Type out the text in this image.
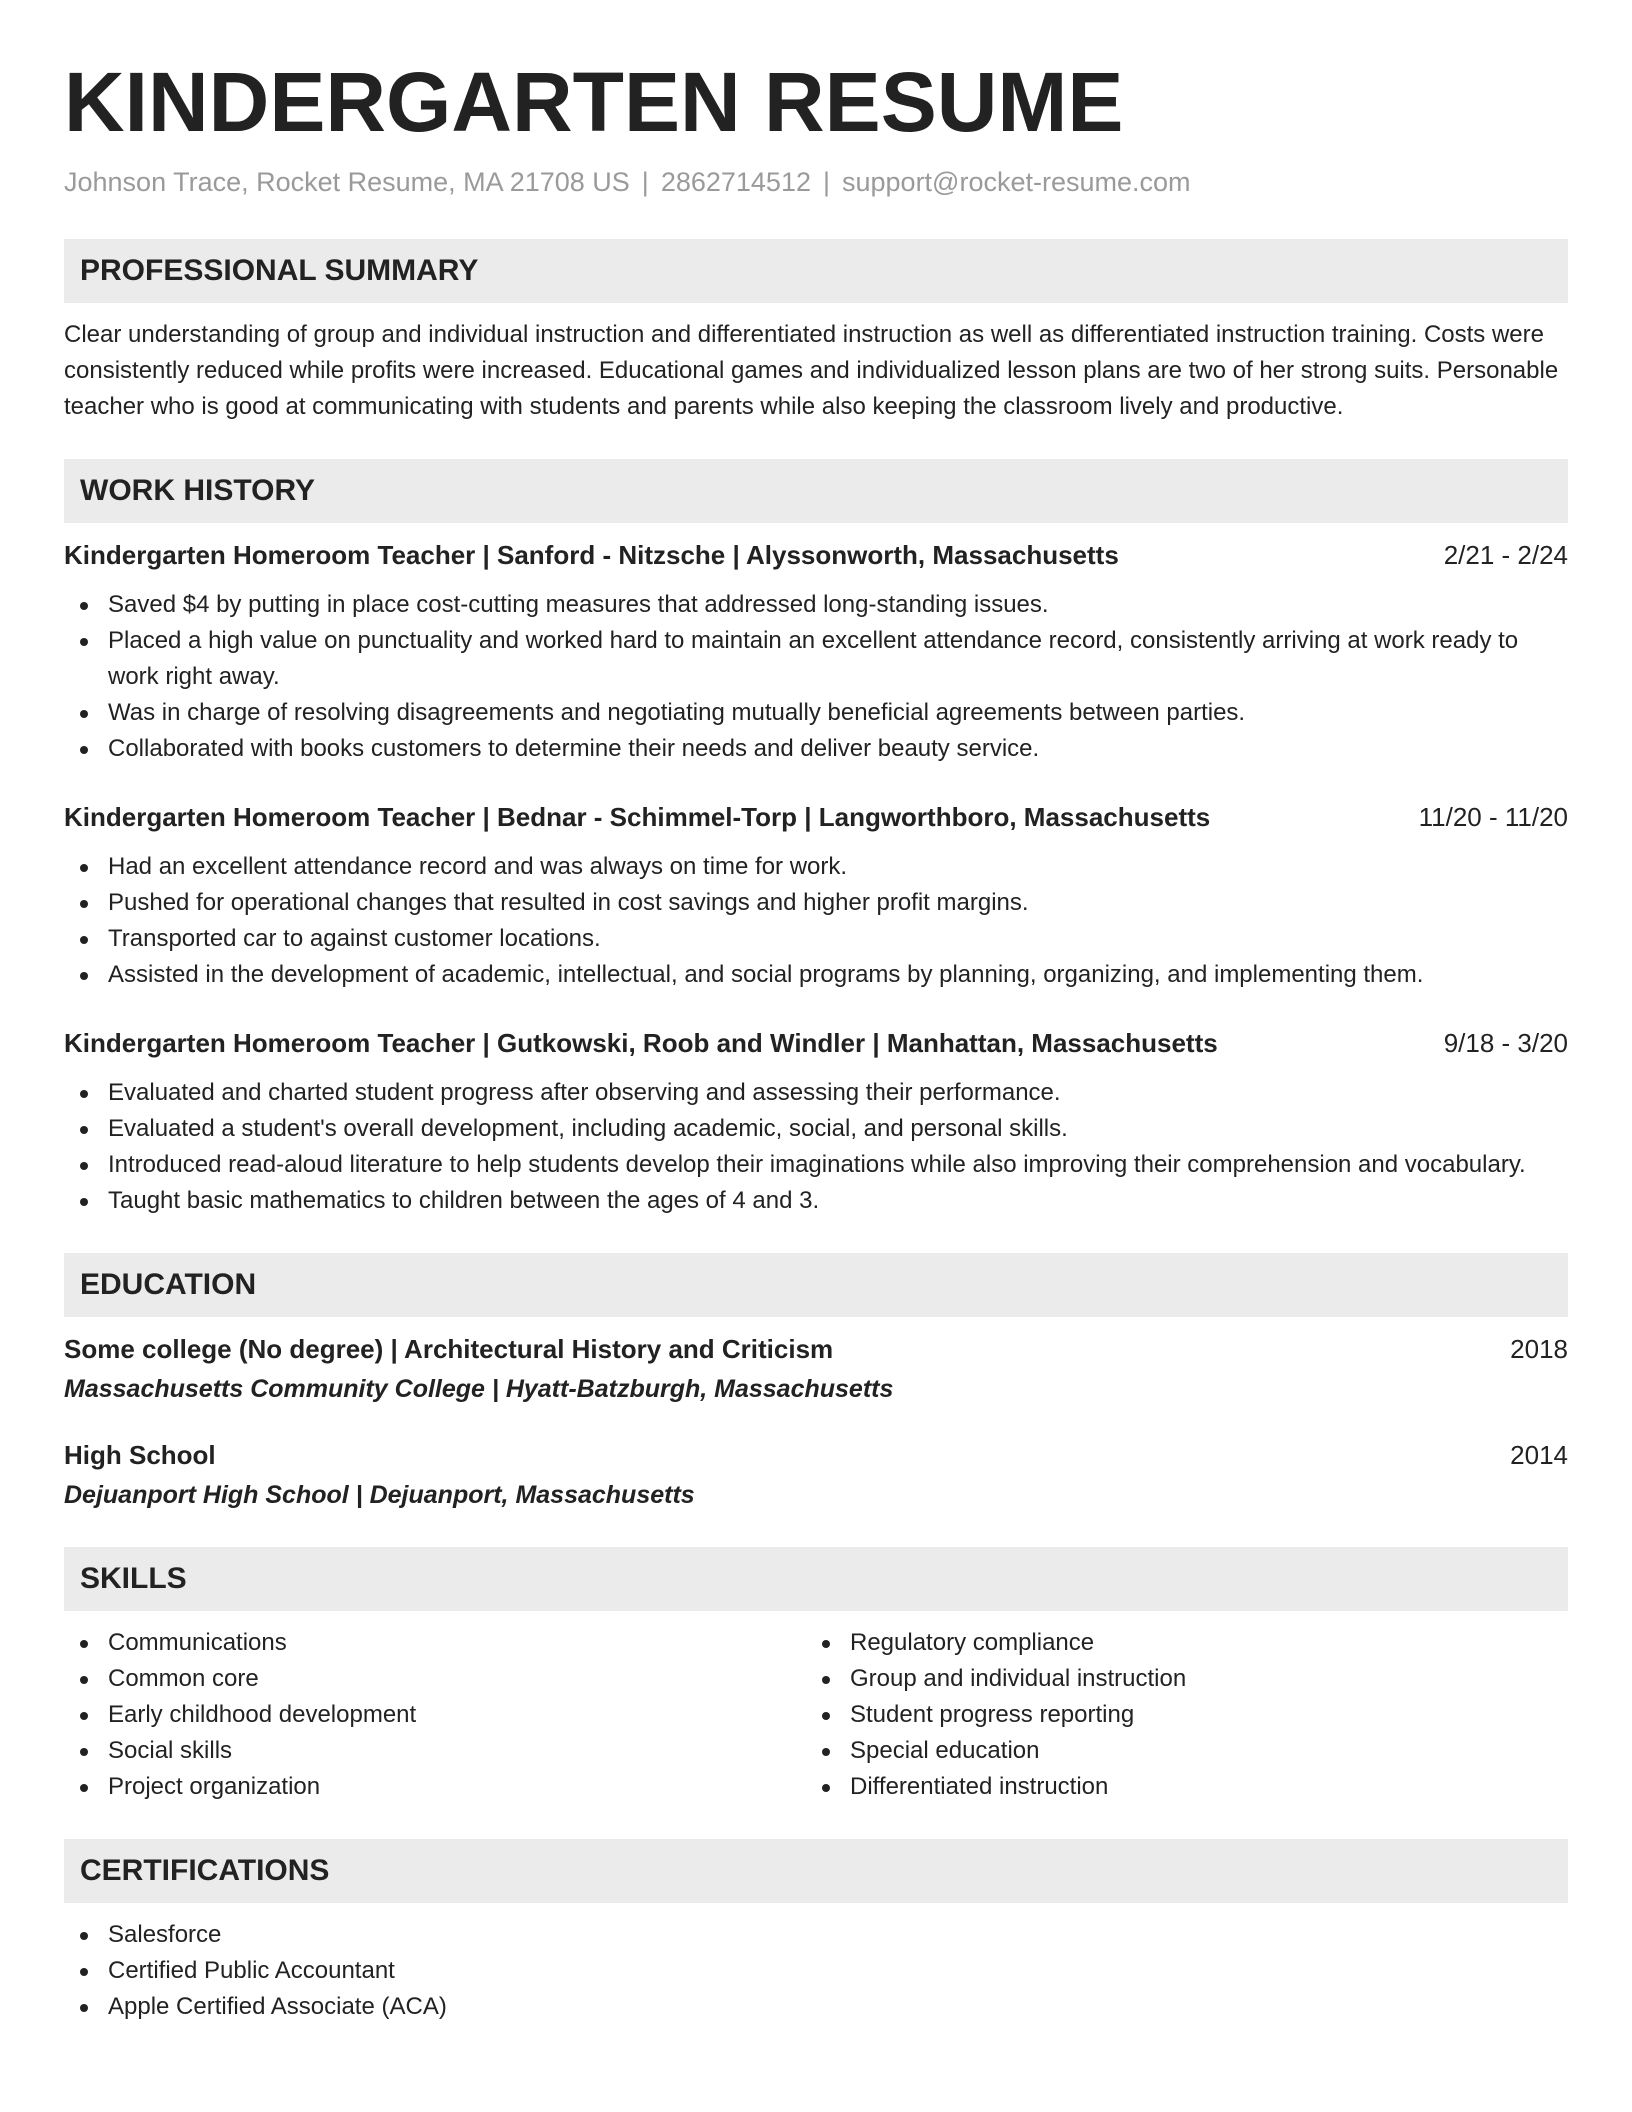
KINDERGARTEN RESUME
Johnson Trace, Rocket Resume, MA 21708 US | 2862714512 | support@rocket-resume.com
PROFESSIONAL SUMMARY

Clear understanding of group and individual instruction and differentiated instruction as well as differentiated instruction training. Costs were consistently reduced while profits were increased. Educational games and individualized lesson plans are two of her strong suits. Personable teacher who is good at communicating with students and parents while also keeping the classroom lively and productive.

WORK HISTORY
Kindergarten Homeroom Teacher | Sanford - Nitzsche | Alyssonworth, Massachusetts	2/21 - 2/24
Saved $4 by putting in place cost-cutting measures that addressed long-standing issues.
Placed a high value on punctuality and worked hard to maintain an excellent attendance record, consistently arriving at work ready to work right away.
Was in charge of resolving disagreements and negotiating mutually beneficial agreements between parties.
Collaborated with books customers to determine their needs and deliver beauty service.
Kindergarten Homeroom Teacher | Bednar - Schimmel-Torp | Langworthboro, Massachusetts	11/20 - 11/20
Had an excellent attendance record and was always on time for work.
Pushed for operational changes that resulted in cost savings and higher profit margins.
Transported car to against customer locations.
Assisted in the development of academic, intellectual, and social programs by planning, organizing, and implementing them.
Kindergarten Homeroom Teacher | Gutkowski, Roob and Windler | Manhattan, Massachusetts	9/18 - 3/20
Evaluated and charted student progress after observing and assessing their performance.
Evaluated a student's overall development, including academic, social, and personal skills.
Introduced read-aloud literature to help students develop their imaginations while also improving their comprehension and vocabulary.
Taught basic mathematics to children between the ages of 4 and 3.
EDUCATION
Some college (No degree) | Architectural History and Criticism	2018
Massachusetts Community College | Hyatt-Batzburgh, Massachusetts
High School	2014
Dejuanport High School | Dejuanport, Massachusetts
SKILLS
Communications
Common core
Early childhood development
Social skills
Project organization
Regulatory compliance
Group and individual instruction
Student progress reporting
Special education
Differentiated instruction
CERTIFICATIONS
Salesforce
Certified Public Accountant
Apple Certified Associate (ACA)
